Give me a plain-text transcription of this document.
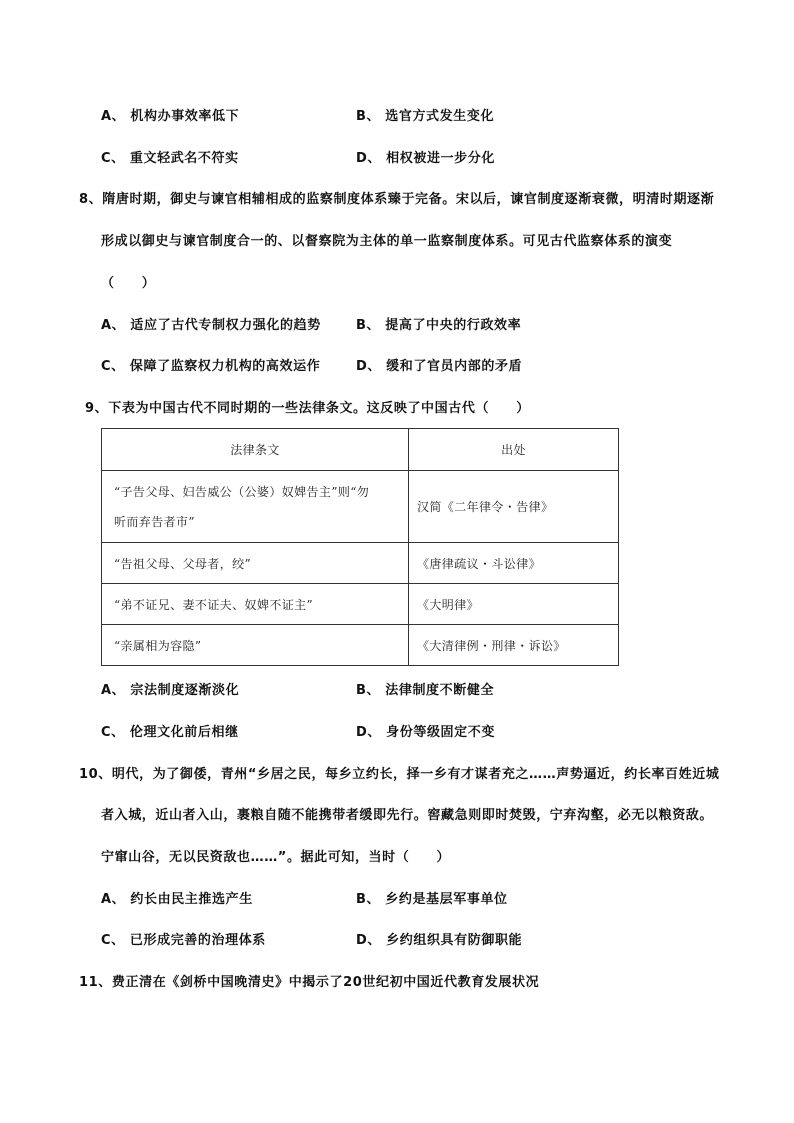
A、 机构办事效率低下	B、 选官方式发生变化
C、 重文轻武名不符实	D、 相权被进一步分化
8、隋唐时期，御史与谏官相辅相成的监察制度体系臻于完备。宋以后，谏官制度逐渐衰微，明清时期逐渐
形成以御史与谏官制度合一的、以督察院为主体的单一监察制度体系。可见古代监察体系的演变
（　　）
A、 适应了古代专制权力强化的趋势	B、 提高了中央的行政效率
C、 保障了监察权力机构的高效运作	D、 缓和了官员内部的矛盾
9、下表为中国古代不同时期的一些法律条文。这反映了中国古代（　　）
法律条文	出处
“子告父母、妇告威公（公婆）奴婢告主”则“勿
听而弃告者市”	汉简《二年律令・告律》
“告祖父母、父母者，绞”	《唐律疏议・斗讼律》
“弟不证兄、妻不证夫、奴婢不证主”	《大明律》
“亲属相为容隐”	《大清律例・刑律・诉讼》
A、 宗法制度逐渐淡化	B、 法律制度不断健全
C、 伦理文化前后相继	D、 身份等级固定不变
10、明代，为了御倭，青州“乡居之民，每乡立约长，择一乡有才谋者充之……声势逼近，约长率百姓近城
者入城，近山者入山，裹粮自随不能携带者缓即先行。窖藏急则即时焚毁，宁弃沟壑，必无以粮资敌。
宁窜山谷，无以民资敌也……”。据此可知，当时（　　）
A、 约长由民主推选产生	B、 乡约是基层军事单位
C、 已形成完善的治理体系	D、 乡约组织具有防御职能
11、费正清在《剑桥中国晚清史》中揭示了20世纪初中国近代教育发展状况
